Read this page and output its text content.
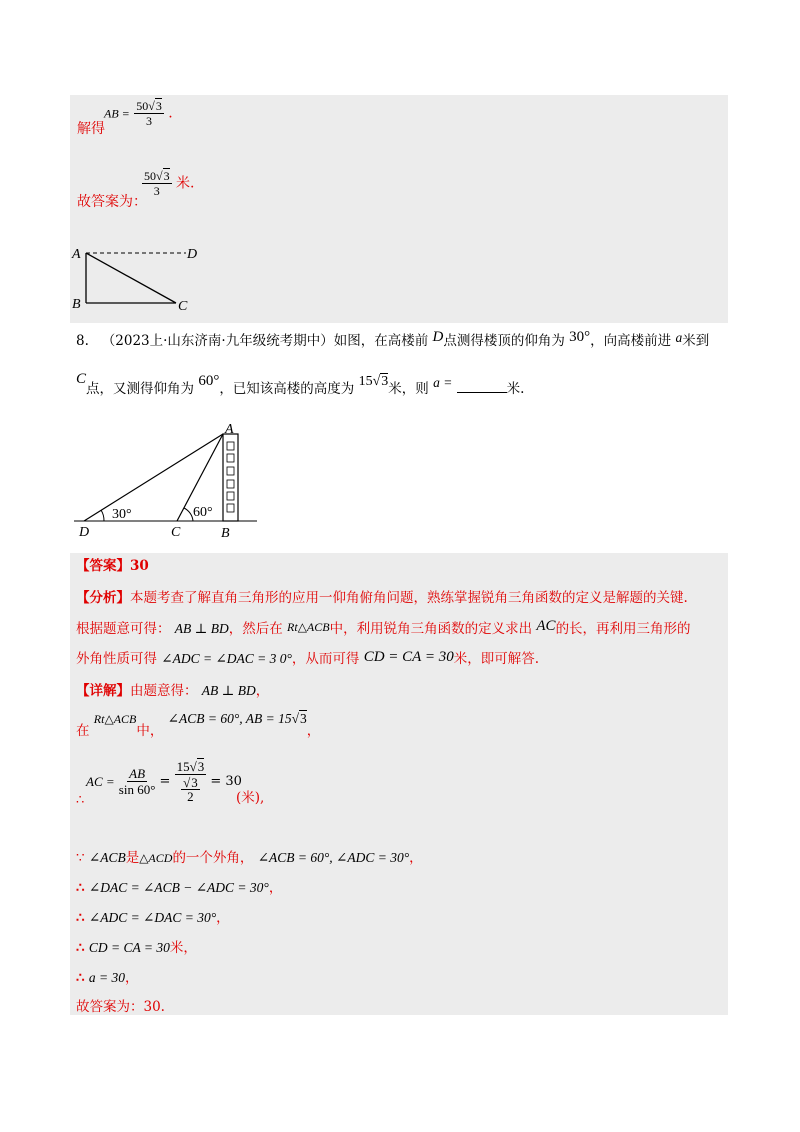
解得
AB = $\frac{50√3}{3}$ .
故答案为：
$\frac{50√3}{3}$ 米.
A	D
B	C
8. （2023上·山东济南·九年级统考期中）如图，在高楼前 D点测得楼顶的仰角为 30°，向高楼前进 a米到
C点，又测得仰角为 60°，已知该高楼的高度为 15√3米，则 a =	米.
A
D	C	B
30°	60°
【答案】30
【分析】本题考查了解直角三角形的应用一仰角俯角问题，熟练掌握锐角三角函数的定义是解题的关键.
根据题意可得： AB ⊥ BD，然后在 Rt△ACB中，利用锐角三角函数的定义求出 AC的长，再利用三角形的
外角性质可得 ∠ADC = ∠DAC = 3 0°，从而可得 CD = CA = 30米，即可解答.
【详解】由题意得： AB ⊥ BD，
在 Rt△ACB中， ∠ACB = 60°, AB = 15√3，
AC = $\frac{AB}{\sin 60^\circ} = 15√3$
√3
2 = 30
∴	(米),
∵ ∠ACB是△ACD的一个外角， ∠ACB = 60°, ∠ADC = 30°，
∴ ∠DAC = ∠ACB − ∠ADC = 30°，
∴ ∠ADC = ∠DAC = 30°，
∴ CD = CA = 30米，
∴ a = 30，
故答案为：30.
